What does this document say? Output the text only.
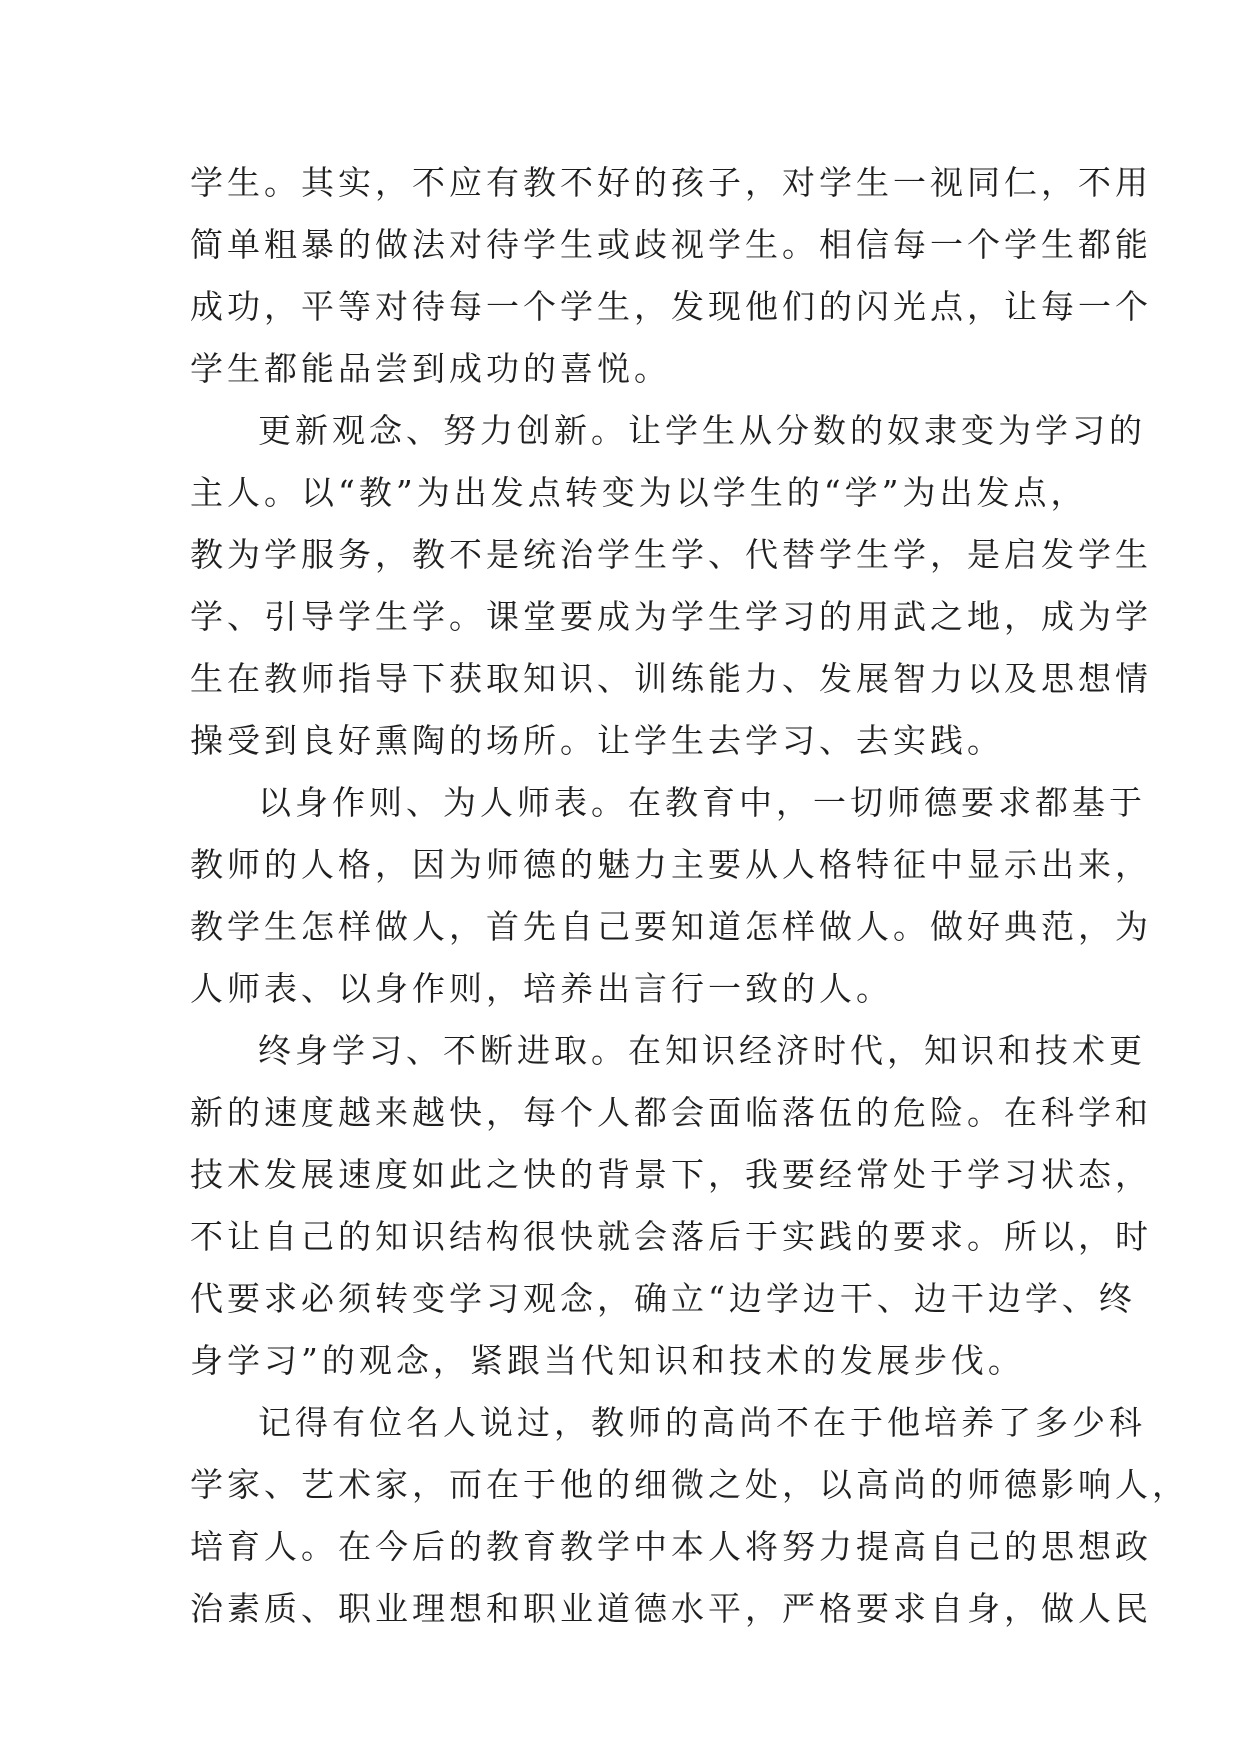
学生。其实，不应有教不好的孩子，对学生一视同仁，不用
简单粗暴的做法对待学生或歧视学生。相信每一个学生都能
成功，平等对待每一个学生，发现他们的闪光点，让每一个
学生都能品尝到成功的喜悦。
更新观念、努力创新。让学生从分数的奴隶变为学习的
主人。以“教”为出发点转变为以学生的“学”为出发点，
教为学服务，教不是统治学生学、代替学生学，是启发学生
学、引导学生学。课堂要成为学生学习的用武之地，成为学
生在教师指导下获取知识、训练能力、发展智力以及思想情
操受到良好熏陶的场所。让学生去学习、去实践。
以身作则、为人师表。在教育中，一切师德要求都基于
教师的人格，因为师德的魅力主要从人格特征中显示出来，
教学生怎样做人，首先自己要知道怎样做人。做好典范，为
人师表、以身作则，培养出言行一致的人。
终身学习、不断进取。在知识经济时代，知识和技术更
新的速度越来越快，每个人都会面临落伍的危险。在科学和
技术发展速度如此之快的背景下，我要经常处于学习状态，
不让自己的知识结构很快就会落后于实践的要求。所以，时
代要求必须转变学习观念，确立“边学边干、边干边学、终
身学习”的观念，紧跟当代知识和技术的发展步伐。
记得有位名人说过，教师的高尚不在于他培养了多少科
学家、艺术家，而在于他的细微之处，以高尚的师德影响人，
培育人。在今后的教育教学中本人将努力提高自己的思想政
治素质、职业理想和职业道德水平，严格要求自身，做人民
